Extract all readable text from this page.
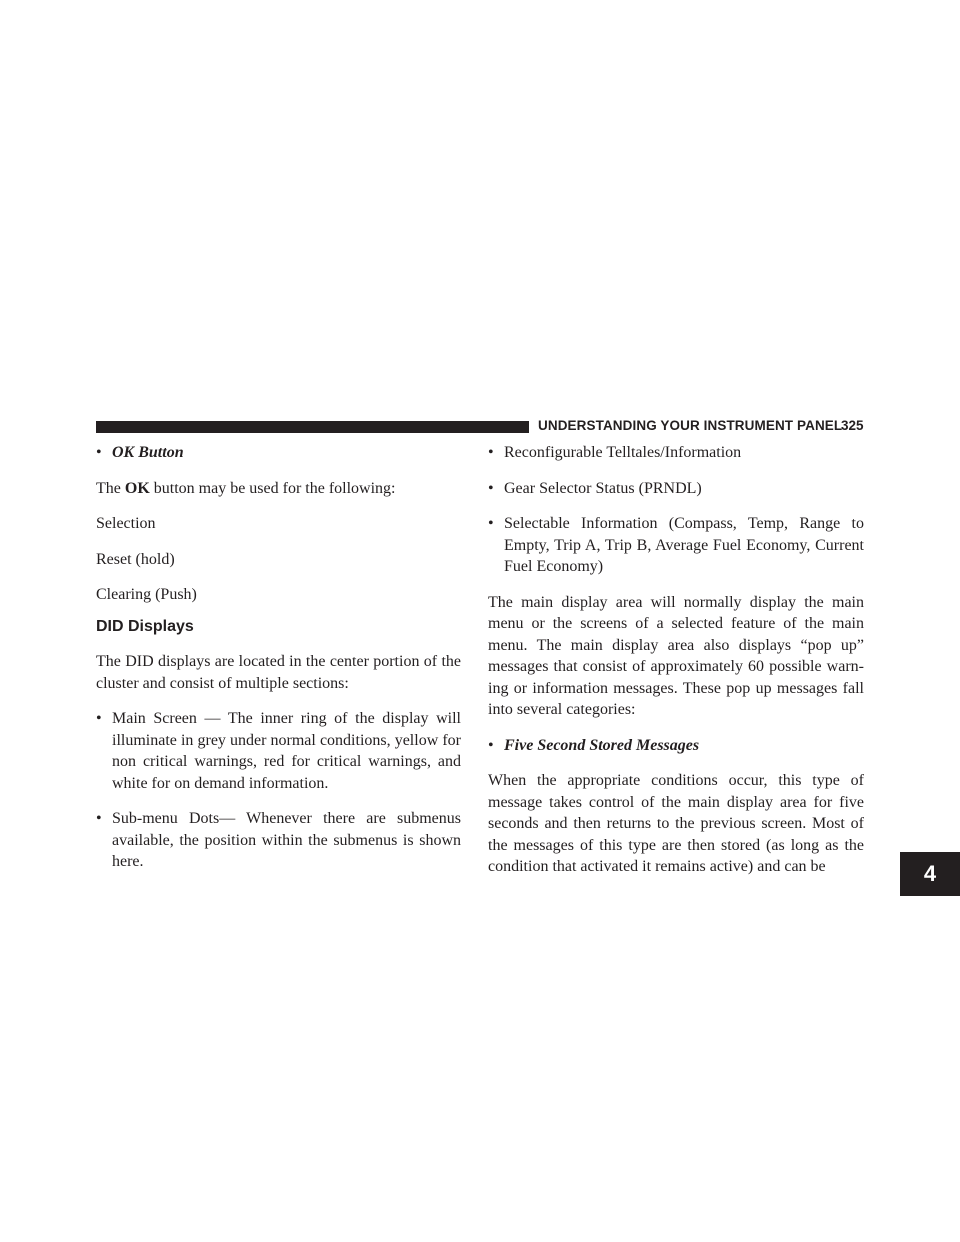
UNDERSTANDING YOUR INSTRUMENT PANEL
325
4

• OK Button

The OK button may be used for the following:

Selection

Reset (hold)

Clearing (Push)

DID Displays

The DID displays are located in the center portion of the cluster and consist of multiple sections:

• Main Screen — The inner ring of the display will illuminate in grey under normal conditions, yellow for non critical warnings, red for critical warnings, and white for on demand information.

• Sub-menu Dots— Whenever there are submenus available, the position within the submenus is shown here.

• Reconfigurable Telltales/Information

• Gear Selector Status (PRNDL)

• Selectable Information (Compass, Temp, Range to Empty, Trip A, Trip B, Average Fuel Economy, Current Fuel Economy)

The main display area will normally display the main menu or the screens of a selected feature of the main menu. The main display area also displays “pop up” messages that consist of approximately 60 possible warn- ing or information messages. These pop up messages fall into several categories:

• Five Second Stored Messages

When the appropriate conditions occur, this type of message takes control of the main display area for five seconds and then returns to the previous screen. Most of the messages of this type are then stored (as long as the condition that activated it remains active) and can be
